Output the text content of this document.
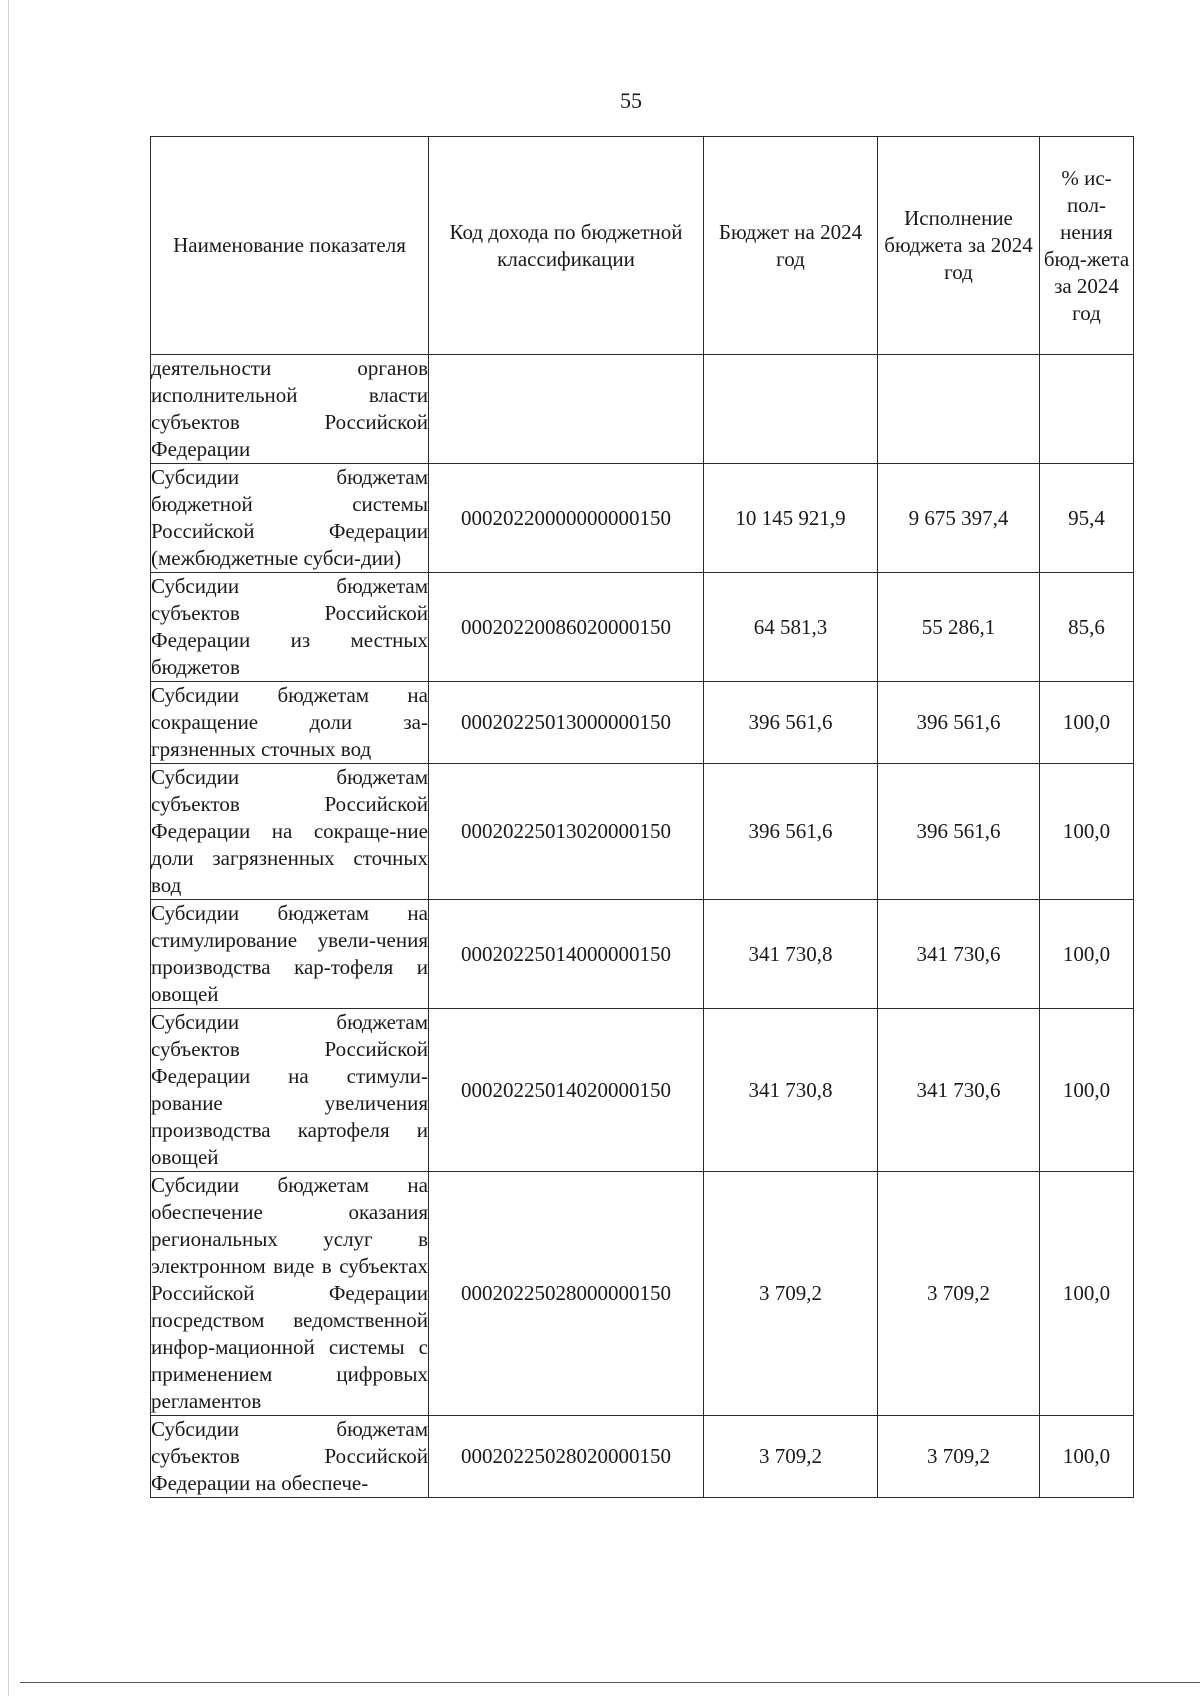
55
Наименование показателя	Код дохода по бюджетной классификации	Бюджет на 2024 год	Исполнение бюджета за 2024 год	% ис-пол-нения бюд-жета за 2024 год

деятельности органов исполнительной власти субъектов Российской Федерации				
Субсидии бюджетам бюджетной системы Российской Федерации (межбюджетные субси-дии)	00020220000000000150	10 145 921,9	9 675 397,4	95,4
Субсидии бюджетам субъектов Российской Федерации из местных бюджетов	00020220086020000150	64 581,3	55 286,1	85,6
Субсидии бюджетам на сокращение доли за-грязненных сточных вод	00020225013000000150	396 561,6	396 561,6	100,0
Субсидии бюджетам субъектов Российской Федерации на сокраще-ние доли загрязненных сточных вод	00020225013020000150	396 561,6	396 561,6	100,0
Субсидии бюджетам на стимулирование увели-чения производства кар-тофеля и овощей	00020225014000000150	341 730,8	341 730,6	100,0
Субсидии бюджетам субъектов Российской Федерации на стимули-рование увеличения производства картофеля и овощей	00020225014020000150	341 730,8	341 730,6	100,0
Субсидии бюджетам на обеспечение оказания региональных услуг в электронном виде в субъектах Российской Федерации посредством ведомственной инфор-мационной системы с применением цифровых регламентов	00020225028000000150	3 709,2	3 709,2	100,0
Субсидии бюджетам субъектов Российской Федерации на обеспече-	00020225028020000150	3 709,2	3 709,2	100,0
